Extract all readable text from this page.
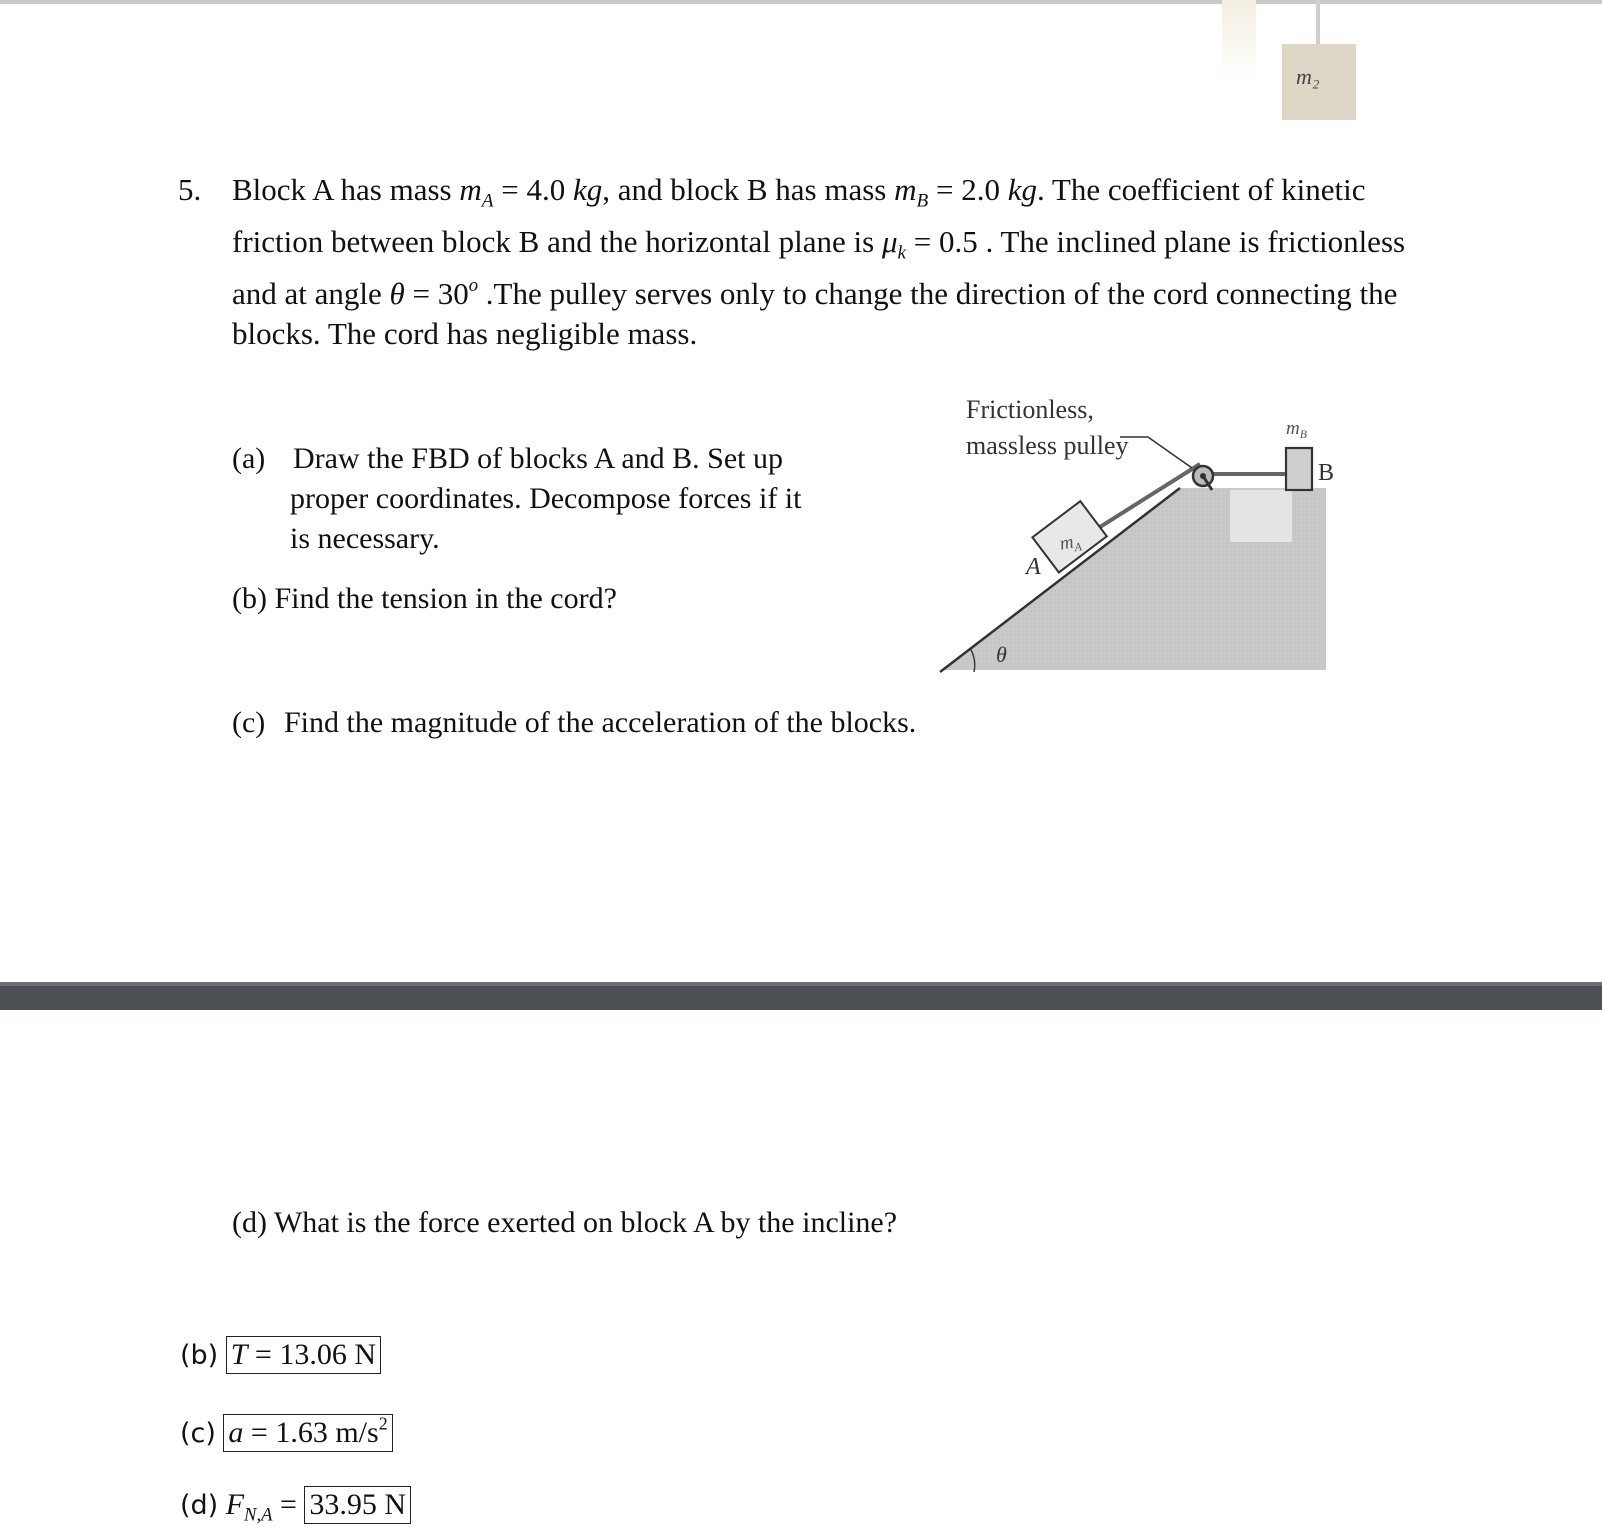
m₂
5. Block A has mass $m_A = 4.0$ kg, and block B has mass $m_B = 2.0$ kg. The coefficient of kinetic
friction between block B and the horizontal plane is $\mu_k = 0.5$ . The inclined plane is frictionless
and at angle $\theta = 30^o$ .The pulley serves only to change the direction of the cord connecting the
blocks. The cord has negligible mass.
(a) Draw the FBD of blocks A and B. Set up
proper coordinates. Decompose forces if it
is necessary.
(b) Find the tension in the cord?
(c) Find the magnitude of the acceleration of the blocks.
(d) What is the force exerted on block A by the incline?
Frictionless,
massless pulley
$m_B$
B
$m_A$
A
θ
(b) T = 13.06 N
(c) a = 1.63 $m/s^2$
(d) $F_{N,A} = 33.95$ N
